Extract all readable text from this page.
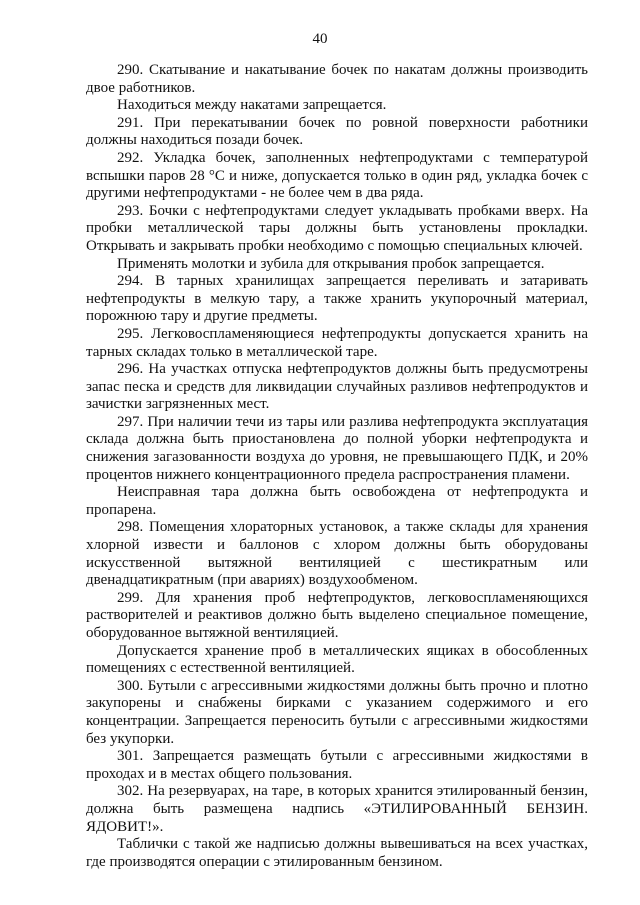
40

290. Скатывание и накатывание бочек по накатам должны производить двое работников.

Находиться между накатами запрещается.

291. При перекатывании бочек по ровной поверхности работники должны находиться позади бочек.

292. Укладка бочек, заполненных нефтепродуктами с температурой вспышки паров 28 °С и ниже, допускается только в один ряд, укладка бочек с другими нефтепродуктами - не более чем в два ряда.

293. Бочки с нефтепродуктами следует укладывать пробками вверх. На пробки металлической тары должны быть установлены прокладки. Открывать и закрывать пробки необходимо с помощью специальных ключей.

Применять молотки и зубила для открывания пробок запрещается.

294. В тарных хранилищах запрещается переливать и затаривать нефтепродукты в мелкую тару, а также хранить укупорочный материал, порожнюю тару и другие предметы.

295. Легковоспламеняющиеся нефтепродукты допускается хранить на тарных складах только в металлической таре.

296. На участках отпуска нефтепродуктов должны быть предусмотрены запас песка и средств для ликвидации случайных разливов нефтепродуктов и зачистки загрязненных мест.

297. При наличии течи из тары или разлива нефтепродукта эксплуатация склада должна быть приостановлена до полной уборки нефтепродукта и снижения загазованности воздуха до уровня, не превышающего ПДК, и 20% процентов нижнего концентрационного предела распространения пламени.

Неисправная тара должна быть освобождена от нефтепродукта и пропарена.

298. Помещения хлораторных установок, а также склады для хранения хлорной извести и баллонов с хлором должны быть оборудованы искусственной вытяжной вентиляцией с шестикратным или двенадцатикратным (при авариях) воздухообменом.

299. Для хранения проб нефтепродуктов, легковоспламеняющихся растворителей и реактивов должно быть выделено специальное помещение, оборудованное вытяжной вентиляцией.

Допускается хранение проб в металлических ящиках в обособленных помещениях с естественной вентиляцией.

300. Бутыли с агрессивными жидкостями должны быть прочно и плотно закупорены и снабжены бирками с указанием содержимого и его концентрации. Запрещается переносить бутыли с агрессивными жидкостями без укупорки.

301. Запрещается размещать бутыли с агрессивными жидкостями в проходах и в местах общего пользования.

302. На резервуарах, на таре, в которых хранится этилированный бензин, должна быть размещена надпись «ЭТИЛИРОВАННЫЙ БЕНЗИН. ЯДОВИТ!».

Таблички с такой же надписью должны вывешиваться на всех участках, где производятся операции с этилированным бензином.
